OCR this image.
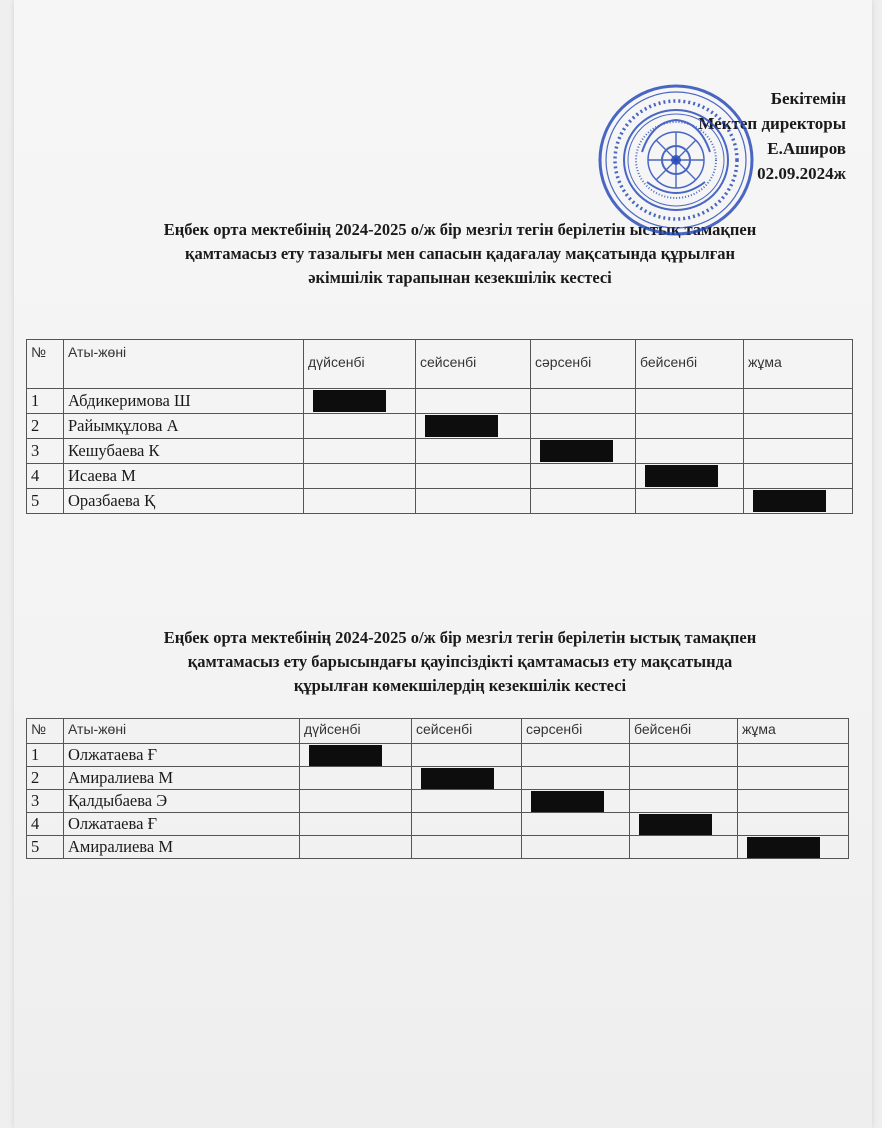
Бекітемін
Мектеп директоры
Е.Аширов
02.09.2024ж
Еңбек орта мектебінің 2024-2025 о/ж бір мезгіл тегін берілетін ыстық тамақпен
қамтамасыз ету тазалығы мен сапасын қадағалау мақсатында құрылған
әкімшілік тарапынан кезекшілік кестесі
№	Аты-жөні	дүйсенбі	сейсенбі	сәрсенбі	бейсенбі	жұма
1	Абдикеримова Ш	

2	Райымқұлова А		

3	Кешубаева К			

4	Исаева М				

5	Оразбаева Қ					
Еңбек орта мектебінің 2024-2025 о/ж бір мезгіл тегін берілетін ыстық тамақпен
қамтамасыз ету барысындағы қауіпсіздікті қамтамасыз ету мақсатында
құрылған көмекшілердің кезекшілік кестесі
№	Аты-жөні	дүйсенбі	сейсенбі	сәрсенбі	бейсенбі	жұма
1	Олжатаева Ғ	

2	Амиралиева М		

3	Қалдыбаева Э			

4	Олжатаева Ғ				

5	Амиралиева М					
